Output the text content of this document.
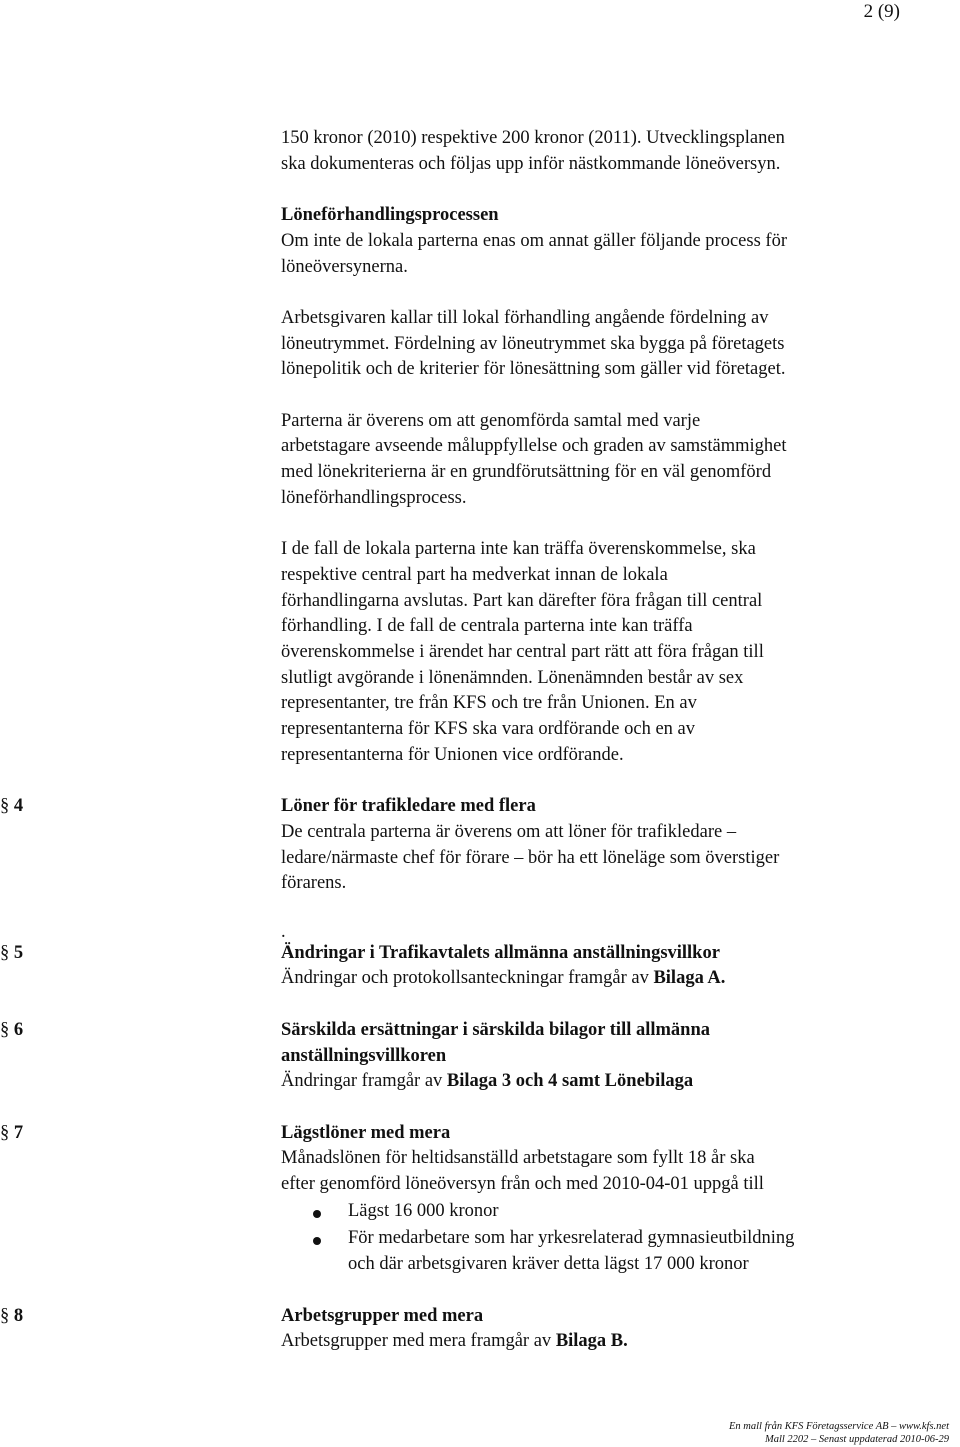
2 (9)

150 kronor (2010) respektive 200 kronor (2011). Utvecklingsplanen

ska dokumenteras och följas upp inför nästkommande löneöversyn.

Löneförhandlingsprocessen

Om inte de lokala parterna enas om annat gäller följande process för

löneöversynerna.

Arbetsgivaren kallar till lokal förhandling angående fördelning av

löneutrymmet. Fördelning av löneutrymmet ska bygga på företagets

lönepolitik och de kriterier för lönesättning som gäller vid företaget.

Parterna är överens om att genomförda samtal med varje

arbetstagare avseende måluppfyllelse och graden av samstämmighet

med lönekriterierna är en grundförutsättning för en väl genomförd

löneförhandlingsprocess.

I de fall de lokala parterna inte kan träffa överenskommelse, ska

respektive central part ha medverkat innan de lokala

förhandlingarna avslutas. Part kan därefter föra frågan till central

förhandling. I de fall de centrala parterna inte kan träffa

överenskommelse i ärendet har central part rätt att föra frågan till

slutligt avgörande i lönenämnden. Lönenämnden består av sex

representanter, tre från KFS och tre från Unionen. En av

representanterna för KFS ska vara ordförande och en av

representanterna för Unionen vice ordförande.

§ 4	Löner för trafikledare med flera

De centrala parterna är överens om att löner för trafikledare –

ledare/närmaste chef för förare – bör ha ett löneläge som överstiger

förarens.

.

§ 5	Ändringar i Trafikavtalets allmänna anställningsvillkor

Ändringar och protokollsanteckningar framgår av Bilaga A.

§ 6	Särskilda ersättningar i särskilda bilagor till allmänna

anställningsvillkoren

Ändringar framgår av Bilaga 3 och 4 samt Lönebilaga

§ 7	Lägstlöner med mera

Månadslönen för heltidsanställd arbetstagare som fyllt 18 år ska

efter genomförd löneöversyn från och med 2010-04-01 uppgå till

Lägst 16 000 kronor
För medarbetare som har yrkesrelaterad gymnasieutbildning
och där arbetsgivaren kräver detta lägst 17 000 kronor
§ 8	Arbetsgrupper med mera

Arbetsgrupper med mera framgår av Bilaga B.

En mall från KFS Företagsservice AB – www.kfs.net
Mall 2202 – Senast uppdaterad 2010-06-29
